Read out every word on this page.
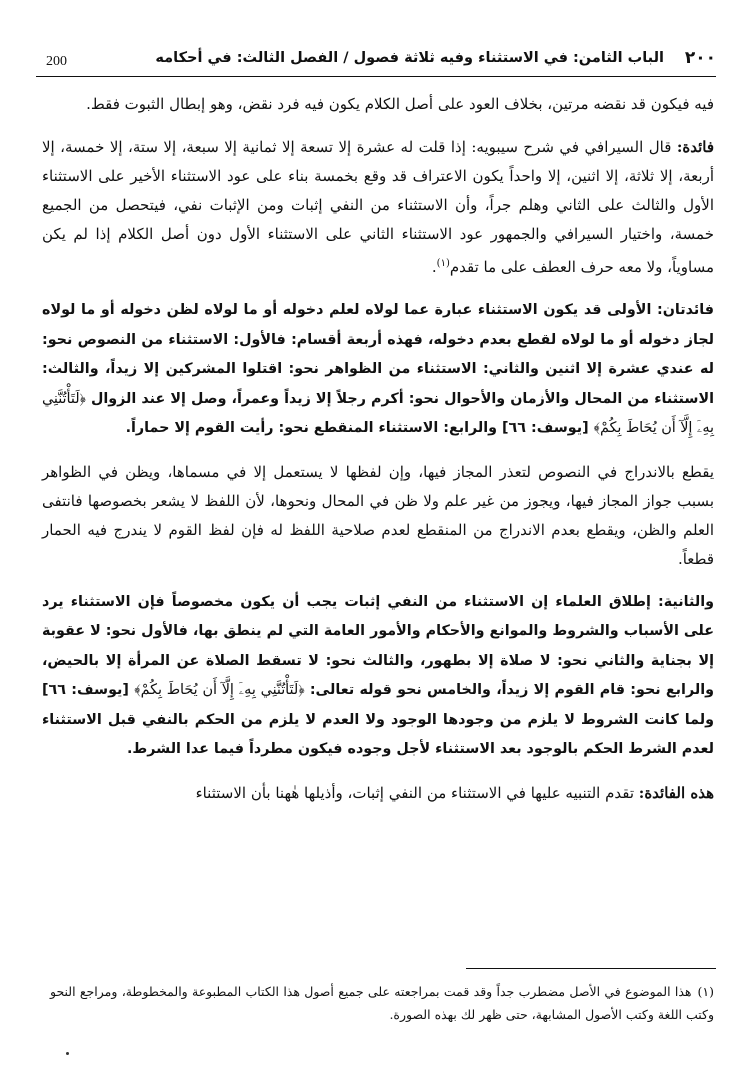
٢٠٠
الباب الثامن: في الاستثناء وفيه ثلاثة فصول / الفصل الثالث: في أحكامه
200

فيه فيكون قد نقضه مرتين، بخلاف العود على أصل الكلام يكون فيه فرد نقض، وهو إبطال الثبوت فقط.

فائدة: قال السيرافي في شرح سيبويه: إذا قلت له عشرة إلا تسعة إلا ثمانية إلا سبعة، إلا ستة، إلا خمسة، إلا أربعة، إلا ثلاثة، إلا اثنين، إلا واحداً يكون الاعتراف قد وقع بخمسة بناء على عود الاستثناء الأخير على الاستثناء الأول والثالث على الثاني وهلم جراً، وأن الاستثناء من النفي إثبات ومن الإثبات نفي، فيتحصل من الجميع خمسة، واختيار السيرافي والجمهور عود الاستثناء الثاني على الاستثناء الأول دون أصل الكلام إذا لم يكن مساوياً، ولا معه حرف العطف على ما تقدم$^{(١)}$.

فائدتان: الأولى قد يكون الاستثناء عبارة عما لولاه لعلم دخوله أو ما لولاه لظن دخوله أو ما لولاه لجاز دخوله أو ما لولاه لقطع بعدم دخوله، فهذه أربعة أقسام: فالأول: الاستثناء من النصوص نحو: له عندي عشرة إلا اثنين والثاني: الاستثناء من الظواهر نحو: اقتلوا المشركين إلا زيداً، والثالث: الاستثناء من المحال والأزمان والأحوال نحو: أكرم رجلاً إلا زيداً وعمراً، وصل إلا عند الزوال ﴿لَتَأْتُنَّنِي بِهِۦٓ إِلَّآ أَن يُحَاطَ بِكُمْ﴾ [يوسف: ٦٦] والرابع: الاستثناء المنقطع نحو: رأيت القوم إلا حماراً.

يقطع بالاندراج في النصوص لتعذر المجاز فيها، وإن لفظها لا يستعمل إلا في مسماها، ويظن في الظواهر بسبب جواز المجاز فيها، ويجوز من غير علم ولا ظن في المحال ونحوها، لأن اللفظ لا يشعر بخصوصها فانتفى العلم والظن، ويقطع بعدم الاندراج من المنقطع لعدم صلاحية اللفظ له فإن لفظ القوم لا يندرج فيه الحمار قطعاً.

والثانية: إطلاق العلماء إن الاستثناء من النفي إثبات يجب أن يكون مخصوصاً فإن الاستثناء يرد على الأسباب والشروط والموانع والأحكام والأمور العامة التي لم ينطق بها، فالأول نحو: لا عقوبة إلا بجناية والثاني نحو: لا صلاة إلا بطهور، والثالث نحو: لا تسقط الصلاة عن المرأة إلا بالحيض، والرابع نحو: قام القوم إلا زيداً، والخامس نحو قوله تعالى: ﴿لَتَأْتُنَّنِي بِهِۦٓ إِلَّآ أَن يُحَاطَ بِكُمْ﴾ [يوسف: ٦٦] ولما كانت الشروط لا يلزم من وجودها الوجود ولا العدم لا يلزم من الحكم بالنفي قبل الاستثناء لعدم الشرط الحكم بالوجود بعد الاستثناء لأجل وجوده فيكون مطرداً فيما عدا الشرط.

هذه الفائدة: تقدم التنبيه عليها في الاستثناء من النفي إثبات، وأذيلها هٰهنا بأن الاستثناء

(١)هذا الموضوع في الأصل مضطرب جداً وقد قمت بمراجعته على جميع أصول هذا الكتاب المطبوعة والمخطوطة، ومراجع النحو وكتب اللغة وكتب الأصول المشابهة، حتى ظهر لك بهذه الصورة.
